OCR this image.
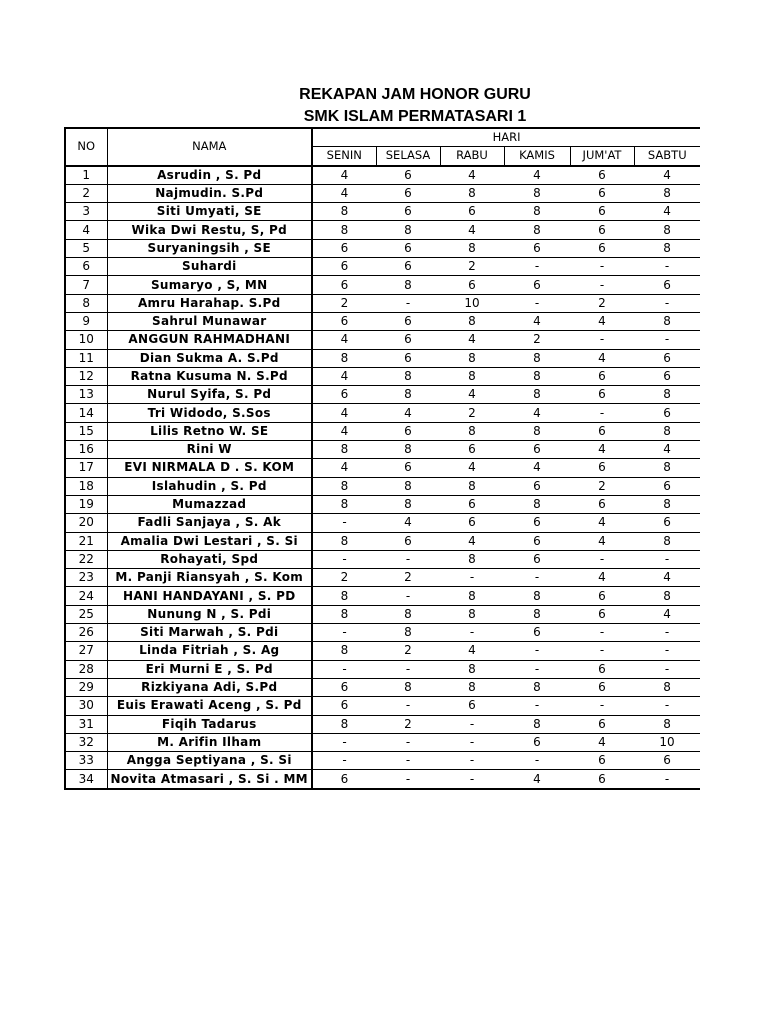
REKAPAN JAM HONOR GURU
SMK ISLAM PERMATASARI 1
NO	NAMA	HARI					
		SENIN	SELASA	RABU	KAMIS	JUM'AT	SABTU
1	Asrudin , S. Pd	4	6	4	4	6	4
2	Najmudin. S.Pd	4	6	8	8	6	8
3	Siti Umyati, SE	8	6	6	8	6	4
4	Wika Dwi Restu, S, Pd	8	8	4	8	6	8
5	Suryaningsih , SE	6	6	8	6	6	8
6	Suhardi	6	6	2	-	-	-
7	Sumaryo , S, MN	6	8	6	6	-	6
8	Amru Harahap. S.Pd	2	-	10	-	2	-
9	Sahrul Munawar	6	6	8	4	4	8
10	ANGGUN RAHMADHANI	4	6	4	2	-	-
11	Dian Sukma A. S.Pd	8	6	8	8	4	6
12	Ratna Kusuma N. S.Pd	4	8	8	8	6	6
13	Nurul Syifa, S. Pd	6	8	4	8	6	8
14	Tri Widodo, S.Sos	4	4	2	4	-	6
15	Lilis Retno W. SE	4	6	8	8	6	8
16	Rini W	8	8	6	6	4	4
17	EVI NIRMALA D . S. KOM	4	6	4	4	6	8
18	Islahudin , S. Pd	8	8	8	6	2	6
19	Mumazzad	8	8	6	8	6	8
20	Fadli Sanjaya , S. Ak	-	4	6	6	4	6
21	Amalia Dwi Lestari , S. Si	8	6	4	6	4	8
22	Rohayati, Spd	-	-	8	6	-	-
23	M. Panji Riansyah , S. Kom	2	2	-	-	4	4
24	HANI HANDAYANI , S. PD	8	-	8	8	6	8
25	Nunung N , S. Pdi	8	8	8	8	6	4
26	Siti Marwah , S. Pdi	-	8	-	6	-	-
27	Linda Fitriah , S. Ag	8	2	4	-	-	-
28	Eri Murni E , S. Pd	-	-	8	-	6	-
29	Rizkiyana Adi, S.Pd	6	8	8	8	6	8
30	Euis Erawati Aceng , S. Pd	6	-	6	-	-	-
31	Fiqih Tadarus	8	2	-	8	6	8
32	M. Arifin Ilham	-	-	-	6	4	10
33	Angga Septiyana , S. Si	-	-	-	-	6	6
34	Novita Atmasari , S. Si . MM	6	-	-	4	6	-
